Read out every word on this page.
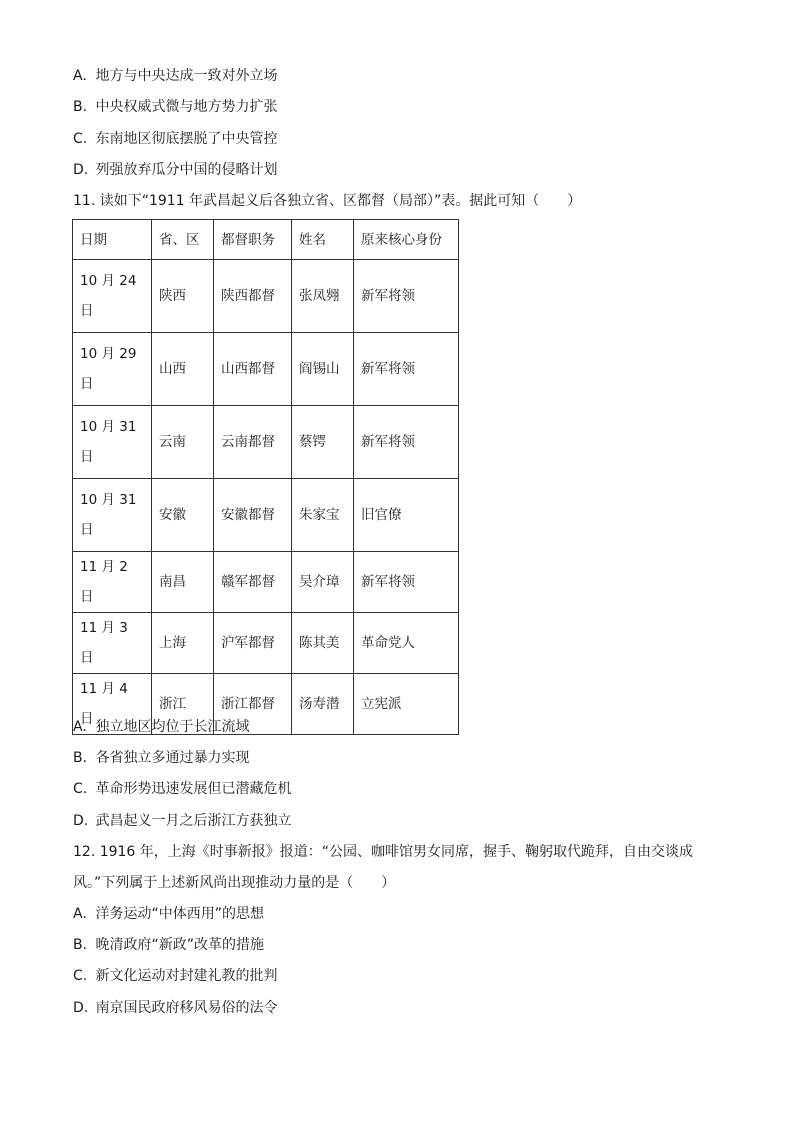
A. 地方与中央达成一致对外立场
B. 中央权威式微与地方势力扩张
C. 东南地区彻底摆脱了中央管控
D. 列强放弃瓜分中国的侵略计划
11. 读如下“1911 年武昌起义后各独立省、区都督（局部）”表。据此可知（　　）
日期	省、区	都督职务	姓名	原来核心身份

10 月 24 日	陕西	陕西都督	张凤翙	新军将领

10 月 29 日	山西	山西都督	阎锡山	新军将领

10 月 31 日	云南	云南都督	蔡锷	新军将领

10 月 31 日	安徽	安徽都督	朱家宝	旧官僚
11 月 2 日	南昌	赣军都督	吴介璋	新军将领
11 月 3 日	上海	沪军都督	陈其美	革命党人
11 月 4 日	浙江	浙江都督	汤寿潜	立宪派
A. 独立地区均位于长江流域
B. 各省独立多通过暴力实现
C. 革命形势迅速发展但已潜藏危机
D. 武昌起义一月之后浙江方获独立
12. 1916 年，上海《时事新报》报道：“公园、咖啡馆男女同席，握手、鞠躬取代跪拜，自由交谈成
风。”下列属于上述新风尚出现推动力量的是（　　）
A. 洋务运动“中体西用”的思想
B. 晚清政府“新政”改革的措施
C. 新文化运动对封建礼教的批判
D. 南京国民政府移风易俗的法令
